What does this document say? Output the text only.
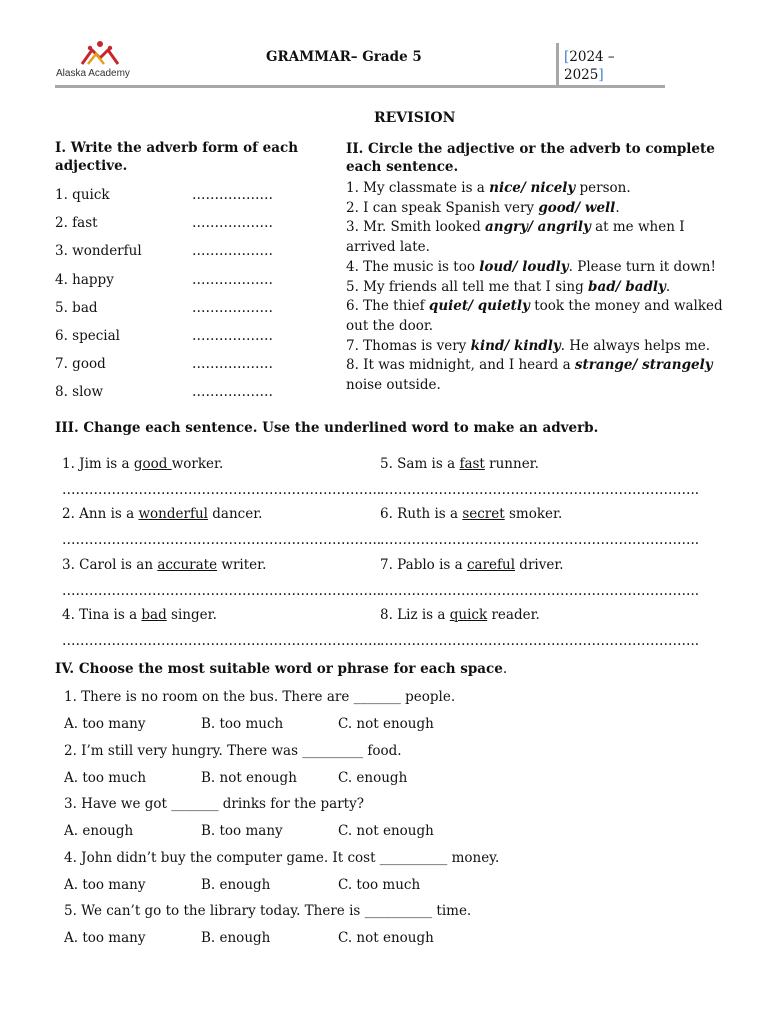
Alaska Academy
GRAMMAR– Grade 5	[2024 –
2025]
REVISION
I. Write the adverb form of each adjective.
1. quick	………………
2. fast	………………
3. wonderful	………………
4. happy	………………
5. bad	………………
6. special	………………
7. good	………………
8. slow	………………
II. Circle the adjective or the adverb to complete each sentence.
1. My classmate is a nice/ nicely person.
2. I can speak Spanish very good/ well.
3. Mr. Smith looked angry/ angrily at me when I arrived late.
4. The music is too loud/ loudly. Please turn it down!
5. My friends all tell me that I sing bad/ badly.
6. The thief quiet/ quietly took the money and walked out the door.
7. Thomas is very kind/ kindly. He always helps me.
8. It was midnight, and I heard a strange/ strangely noise outside.
III. Change each sentence. Use the underlined word to make an adverb.
1. Jim is a good worker.
……………………………………………………………..
2. Ann is a wonderful dancer.
……………………………………………………………..
3. Carol is an accurate writer.
……………………………………………………………..
4. Tina is a bad singer.
……………………………………………………………..
5. Sam is a fast runner.
……………………………………………………………..
6. Ruth is a secret smoker.
……………………………………………………………..
7. Pablo is a careful driver.
……………………………………………………………..
8. Liz is a quick reader.
……………………………………………………………..
IV. Choose the most suitable word or phrase for each space.
1. There is no room on the bus. There are _______ people.
A. too many	B. too much	C. not enough
2. I’m still very hungry. There was _________ food.
A. too much	B. not enough	C. enough
3. Have we got _______ drinks for the party?
A. enough	B. too many	C. not enough
4. John didn’t buy the computer game. It cost __________ money.
A. too many	B. enough	C. too much
5. We can’t go to the library today. There is __________ time.
A. too many	B. enough	C. not enough
